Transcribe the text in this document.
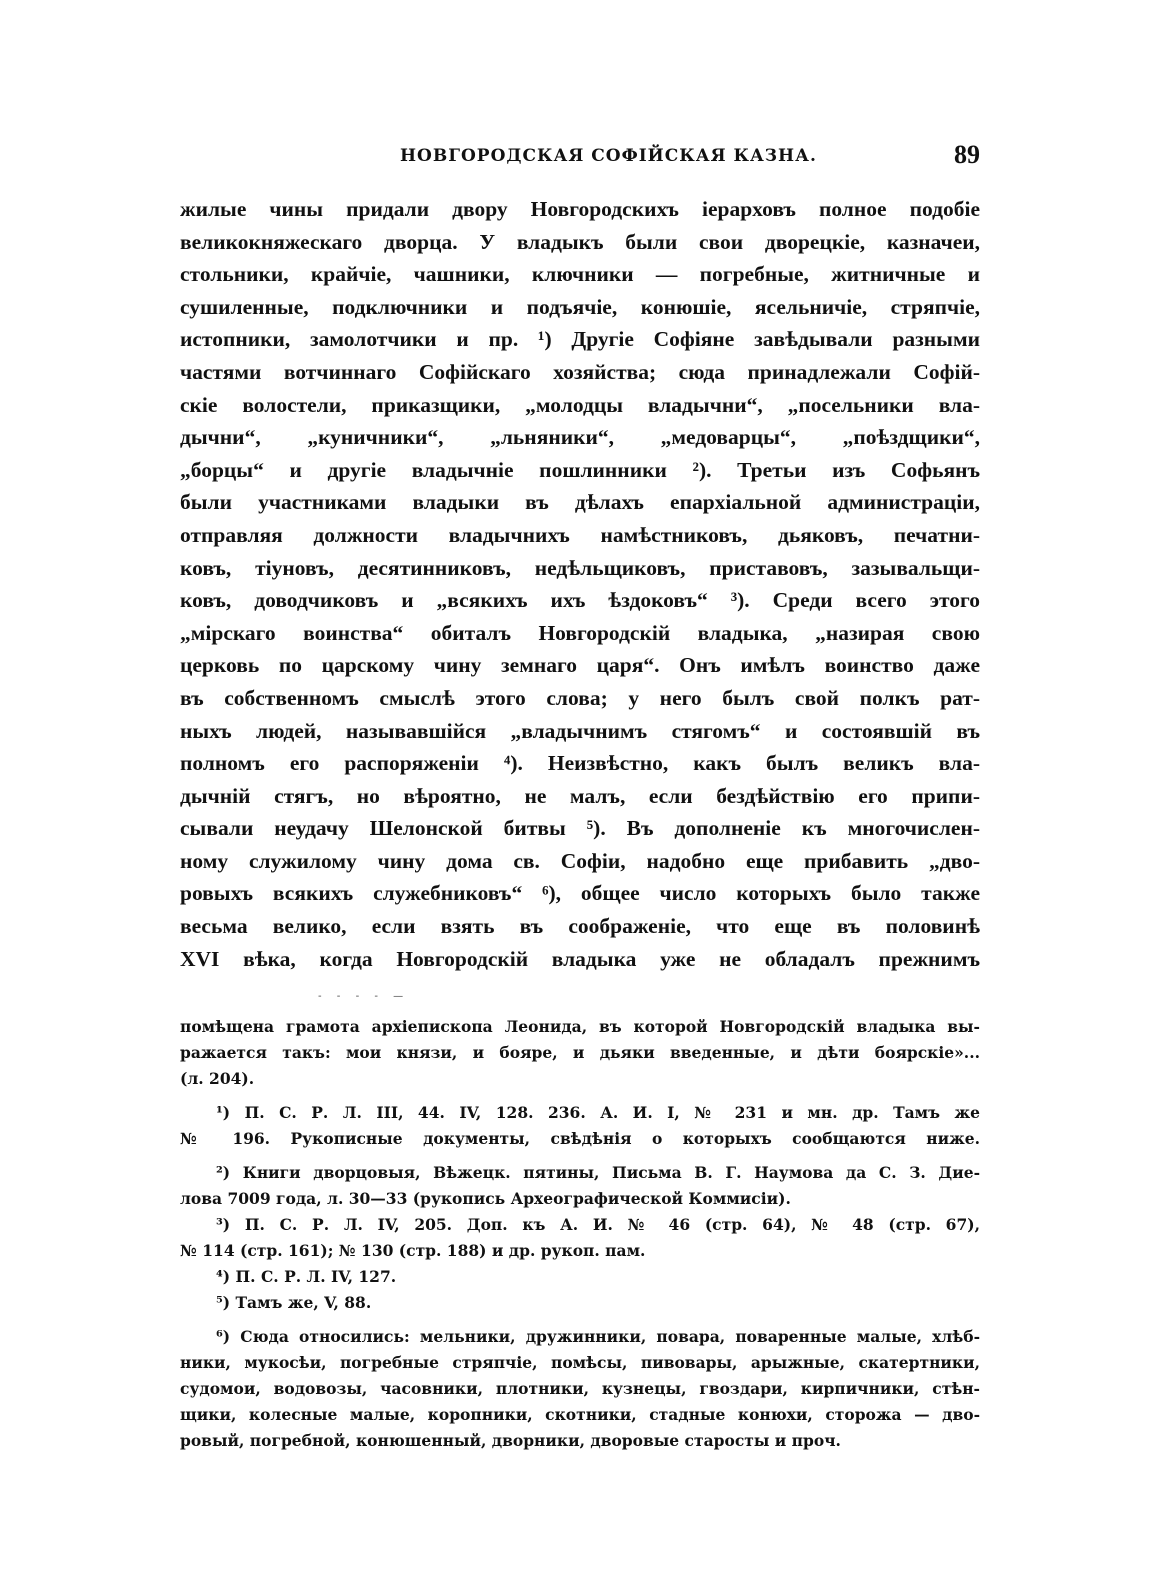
НОВГОРОДСКАЯ СОФІЙСКАЯ КАЗНА.	89
жилые чины придали двору Новгородскихъ іерарховъ полное подобіе
великокняжескаго дворца. У владыкъ были свои дворецкіе, казначеи,
стольники, крайчіе, чашники, ключники — погребные, житничные и
сушиленные, подключники и подъячіе, конюшіе, ясельничіе, стряпчіе,
истопники, замолотчики и пр. ¹) Другіе Софіяне завѣдывали разными
частями вотчиннаго Софійскаго хозяйства; сюда принадлежали Софій-
скіе волостели, приказщики, „молодцы владычни“, „посельники вла-
дычни“, „куничники“, „льняники“, „медоварцы“, „поѣздщики“,
„борцы“ и другіе владычніе пошлинники ²). Третьи изъ Софьянъ
были участниками владыки въ дѣлахъ епархіальной администраціи,
отправляя должности владычнихъ намѣстниковъ, дьяковъ, печатни-
ковъ, тіуновъ, десятинниковъ, недѣльщиковъ, приставовъ, зазывальщи-
ковъ, доводчиковъ и „всякихъ ихъ ѣздоковъ“ ³). Среди всего этого
„мірскаго воинства“ обиталъ Новгородскій владыка, „назирая свою
церковь по царскому чину земнаго царя“. Онъ имѣлъ воинство даже
въ собственномъ смыслѣ этого слова; у него былъ свой полкъ рат-
ныхъ людей, называвшійся „владычнимъ стягомъ“ и состоявшій въ
полномъ его распоряженіи ⁴). Неизвѣстно, какъ былъ великъ вла-
дычній стягъ, но вѣроятно, не малъ, если бездѣйствію его припи-
сывали неудачу Шелонской битвы ⁵). Въ дополненіе къ многочислен-
ному служилому чину дома св. Софіи, надобно еще прибавить „дво-
ровыхъ всякихъ служебниковъ“ ⁶), общее число которыхъ было также
весьма велико, если взять въ соображеніе, что еще въ половинѣ
XVI вѣка, когда Новгородскій владыка уже не обладалъ прежнимъ
- - - - —
помѣщена грамота архіепископа Леонида, въ которой Новгородскій владыка вы-
ражается такъ: мои князи, и бояре, и дьяки введенные, и дѣти боярскіе»...
(л. 204).
¹) П. С. Р. Л. III, 44. IV, 128. 236. А. И. I, № 231 и мн. др. Тамъ же
№ 196. Рукописные документы, свѣдѣнія о которыхъ сообщаются ниже.
²) Книги дворцовыя, Вѣжецк. пятины, Письма В. Г. Наумова да С. З. Дие-
лова 7009 года, л. 30—33 (рукопись Археографической Коммисіи).
³) П. С. Р. Л. IV, 205. Доп. къ А. И. № 46 (стр. 64), № 48 (стр. 67),
№ 114 (стр. 161); № 130 (стр. 188) и др. рукоп. пам.
⁴) П. С. Р. Л. IV, 127.
⁵) Тамъ же, V, 88.
⁶) Сюда относились: мельники, дружинники, повара, поваренные малые, хлѣб-
ники, мукосѣи, погребные стряпчіе, помѣсы, пивовары, арыжные, скатертники,
судомои, водовозы, часовники, плотники, кузнецы, гвоздари, кирпичники, стѣн-
щики, колесные малые, коропники, скотники, стадные конюхи, сторожа — дво-
ровый, погребной, конюшенный, дворники, дворовые старосты и проч.
